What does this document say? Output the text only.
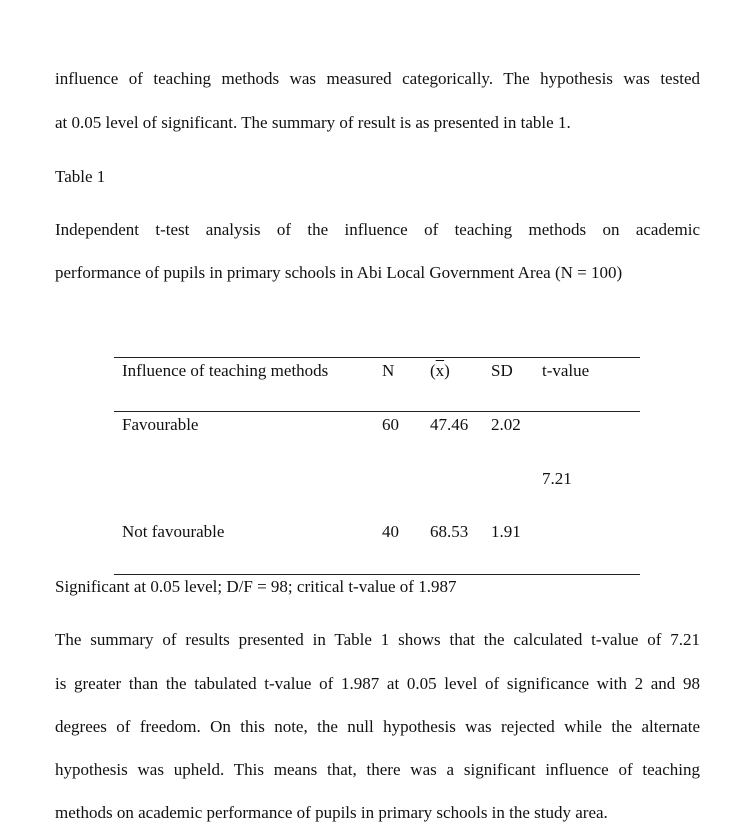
influence of teaching methods was measured categorically. The hypothesis was tested
at 0.05 level of significant. The summary of result is as presented in table 1.
Table 1
Independent t-test analysis of the influence of teaching methods on academic
performance of pupils in primary schools in Abi Local Government Area (N = 100)
Influence of teaching methods	N $(\overline{x})$ SD t-value
Favourable	60 47.46 2.02
7.21
Not favourable	40 68.53 1.91
Significant at 0.05 level; D/F = 98; critical t-value of 1.987
The summary of results presented in Table 1 shows that the calculated t-value of 7.21
is greater than the tabulated t-value of 1.987 at 0.05 level of significance with 2 and 98
degrees of freedom. On this note, the null hypothesis was rejected while the alternate
hypothesis was upheld. This means that, there was a significant influence of teaching
methods on academic performance of pupils in primary schools in the study area.
